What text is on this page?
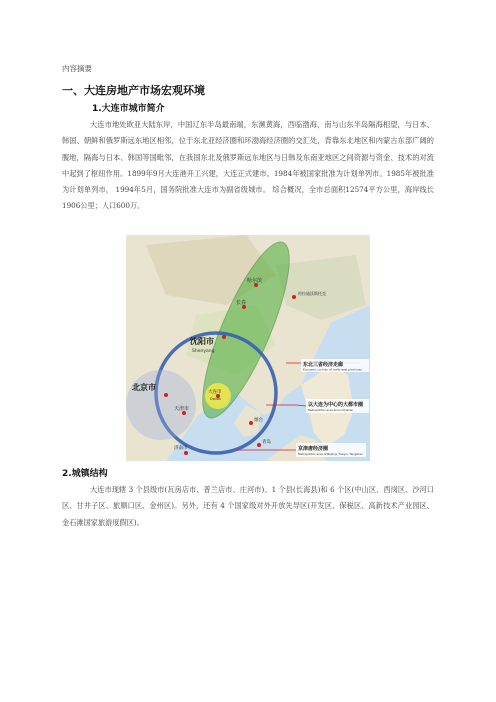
内容摘要
一、大连房地产市场宏观环境
1.大连市城市简介
大连市地处欧亚大陆东岸，中国辽东半岛最南端，东濒黄海，西临渤海，南与山东半岛隔海相望，与日本、韩国、朝鲜和俄罗斯远东地区相邻，位于东北亚经济圈和环渤海经济圈的交汇处，背靠东北地区和内蒙古东部广阔的腹地，隔海与日本、韩国等国毗邻，在我国东北及俄罗斯远东地区与日韩及东南亚地区之间资源与资金、技术的对流中起到了枢纽作用。1899年9月大连港开工兴建，大连正式建市。1984年被国家批准为计划单列市。1985年被批准为计划单列市， 1994年5月，国务院批准大连市为副省级城市。 综合概况，全市总面积12574平方公里，海岸线长1906公里；人口600万。
哈尔滨
长春
沈阳市
Shenyang
北京市
天津市
大连市
Dalian
烟台
青岛
济南市
符拉迪沃斯托克
东北三省经济走廊
Economic corridor of north-east provinces
以大连为中心的大都市圈
Metropolitan area around Dalian
京津唐经济圈
Metropolitan area of Beijing, Tianjin, Tangshan
2.城镇结构
大连市现辖 3 个县级市(瓦房店市、普兰店市、庄河市)、1 个县(长海县)和 6 个区(中山区、西岗区、沙河口区、甘井子区、旅顺口区、金州区)。另外，还有 4 个国家级对外开放先导区(开发区、保税区、高新技术产业园区、金石滩国家旅游度假区)。
